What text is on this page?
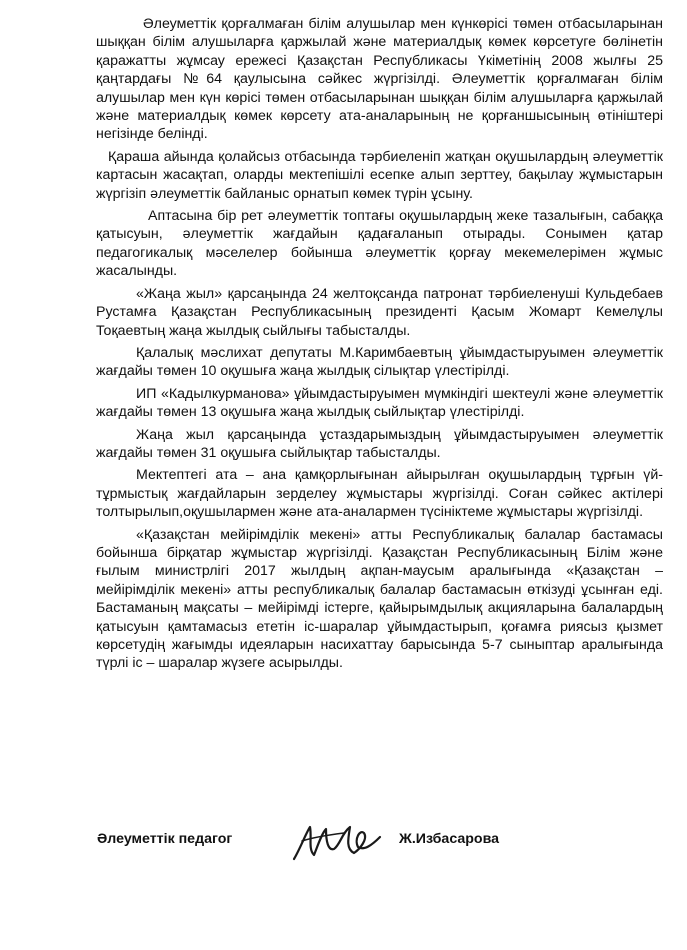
Әлеуметтік қорғалмаған білім алушылар мен күнкөрісі төмен отбасыларынан шыққан білім алушыларға қаржылай және материалдық көмек көрсетуге бөлінетін қаражатты жұмсау ережесі Қазақстан Республикасы Үкіметінің 2008 жылғы 25 қаңтардағы №64 қаулысына сәйкес жүргізілді. Әлеуметтік қорғалмаған білім алушылар мен күн көрісі төмен отбасыларынан шыққан білім алушыларға қаржылай және материалдық көмек көрсету ата-аналарының не қорғаншысының өтініштері негізінде белінді.

Қараша айында қолайсыз отбасында тәрбиеленіп жатқан оқушылардың әлеуметтік картасын жасақтап, оларды мектепішілі есепке алып зерттеу, бақылау жұмыстарын жүргізіп әлеуметтік байланыс орнатып көмек түрін ұсыну.

Аптасына бір рет әлеуметтік топтағы оқушылардың жеке тазалығын, сабаққа қатысуын, әлеуметтік жағдайын қадағаланып отырады. Сонымен қатар педагогикалық мәселелер бойынша әлеуметтік қорғау мекемелерімен жұмыс жасалынды.

«Жаңа жыл» қарсаңында 24 желтоқсанда патронат тәрбиеленуші Кульдебаев Рустамға Қазақстан Республикасының президенті Қасым Жомарт Кемелұлы Тоқаевтың жаңа жылдық сыйлығы табысталды.

Қалалық мәслихат депутаты М.Каримбаевтың ұйымдастыруымен әлеуметтік жағдайы төмен 10 оқушыға жаңа жылдық сілықтар үлестірілді.

ИП «Кадылкурманова» ұйымдастыруымен мүмкіндігі шектеулі және әлеуметтік жағдайы төмен 13 оқушыға жаңа жылдық сыйлықтар үлестірілді.

Жаңа жыл қарсаңында ұстаздарымыздың ұйымдастыруымен әлеуметтік жағдайы төмен 31 оқушыға сыйлықтар табысталды.

Мектептегі ата – ана қамқорлығынан айырылған оқушылардың тұрғын үй-тұрмыстық жағдайларын зерделеу жұмыстары жүргізілді. Соған сәйкес актілері толтырылып,оқушылармен және ата-аналармен түсініктеме жұмыстары жүргізілді.

«Қазақстан мейірімділік мекені» атты Республикалық балалар бастамасы бойынша бірқатар жұмыстар жүргізілді. Қазақстан Республикасының Білім және ғылым министрлігі 2017 жылдың ақпан-маусым аралығында «Қазақстан – мейірімділік мекені» атты республикалық балалар бастамасын өткізуді ұсынған еді. Бастаманың мақсаты – мейірімді істерге, қайырымдылық акцияларына балалардың қатысуын қамтамасыз ететін іс-шаралар ұйымдастырып, қоғамға риясыз қызмет көрсетудің жағымды идеяларын насихаттау барысында 5-7 сыныптар аралығында түрлі іс – шаралар жүзеге асырылды.

Әлеуметтік педагог	Ж.Избасарова
